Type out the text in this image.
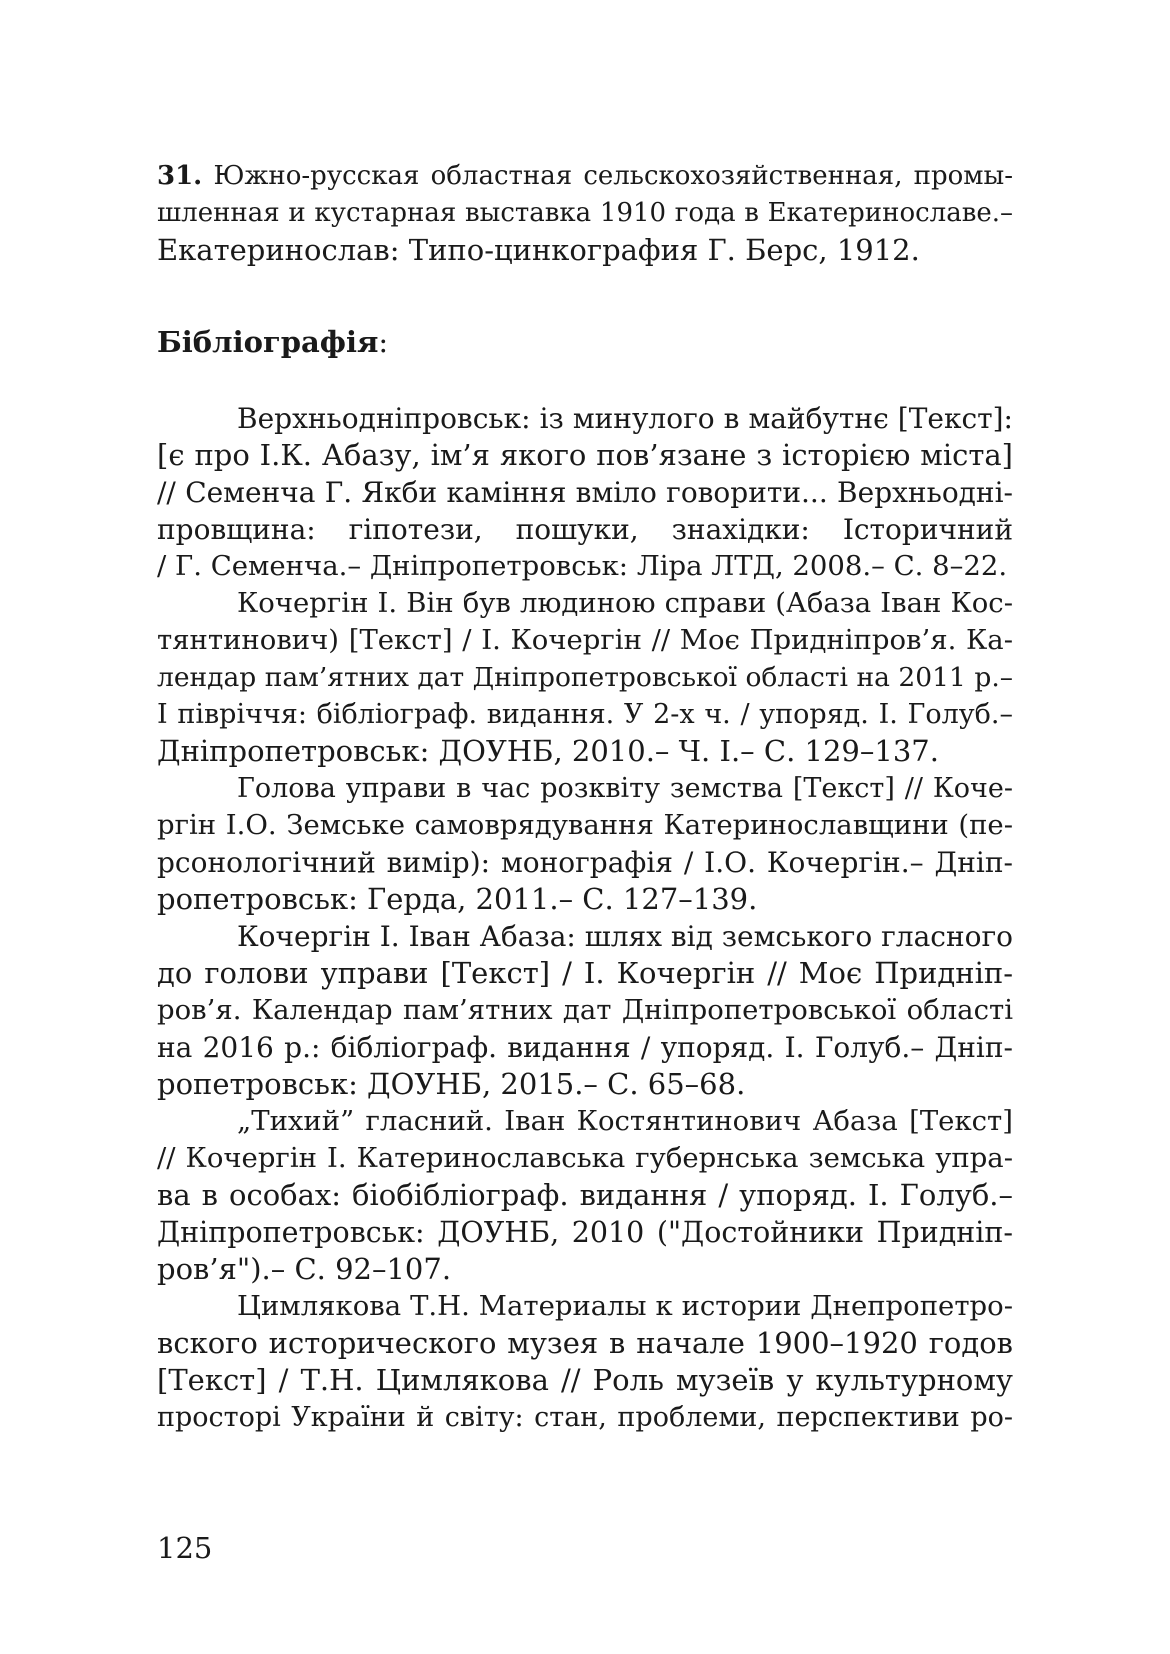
31. Южно-русская областная сельскохозяйственная, промы-
шленная и кустарная выставка 1910 года в Екатеринославе.–
Екатеринослав: Типо-цинкография Г. Берс, 1912.
Бібліографія:
Верхньодніпровськ: із минулого в майбутнє [Текст]:
[є про І.К. Абазу, ім’я якого пов’язане з історією міста]
// Семенча Г. Якби каміння вміло говорити... Верхньодні-
провщина: гіпотези, пошуки, знахідки: Історичний
/ Г. Семенча.– Дніпропетровськ: Ліра ЛТД, 2008.– С. 8–22.
Кочергін І. Він був людиною справи (Абаза Іван Кос-
тянтинович) [Текст] / І. Кочергін // Моє Придніпров’я. Ка-
лендар пам’ятних дат Дніпропетровської області на 2011 р.–
І півріччя: бібліограф. видання. У 2-х ч. / упоряд. І. Голуб.–
Дніпропетровськ: ДОУНБ, 2010.– Ч. І.– С. 129–137.
Голова управи в час розквіту земства [Текст] // Коче-
ргін І.О. Земське самоврядування Катеринославщини (пе-
рсонологічний вимір): монографія / І.О. Кочергін.– Дніп-
ропетровськ: Герда, 2011.– С. 127–139.
Кочергін І. Іван Абаза: шлях від земського гласного
до голови управи [Текст] / І. Кочергін // Моє Придніп-
ров’я. Календар пам’ятних дат Дніпропетровської області
на 2016 р.: бібліограф. видання / упоряд. І. Голуб.– Дніп-
ропетровськ: ДОУНБ, 2015.– С. 65–68.
„Тихий” гласний. Іван Костянтинович Абаза [Текст]
// Кочергін І. Катеринославська губернська земська упра-
ва в особах: біобібліограф. видання / упоряд. І. Голуб.–
Дніпропетровськ: ДОУНБ, 2010 ("Достойники Придніп-
ров’я").– С. 92–107.
Цимлякова Т.Н. Материалы к истории Днепропетро-
вского исторического музея в начале 1900–1920 годов
[Текст] / Т.Н. Цимлякова // Роль музеїв у культурному
просторі України й світу: стан, проблеми, перспективи ро-
125
